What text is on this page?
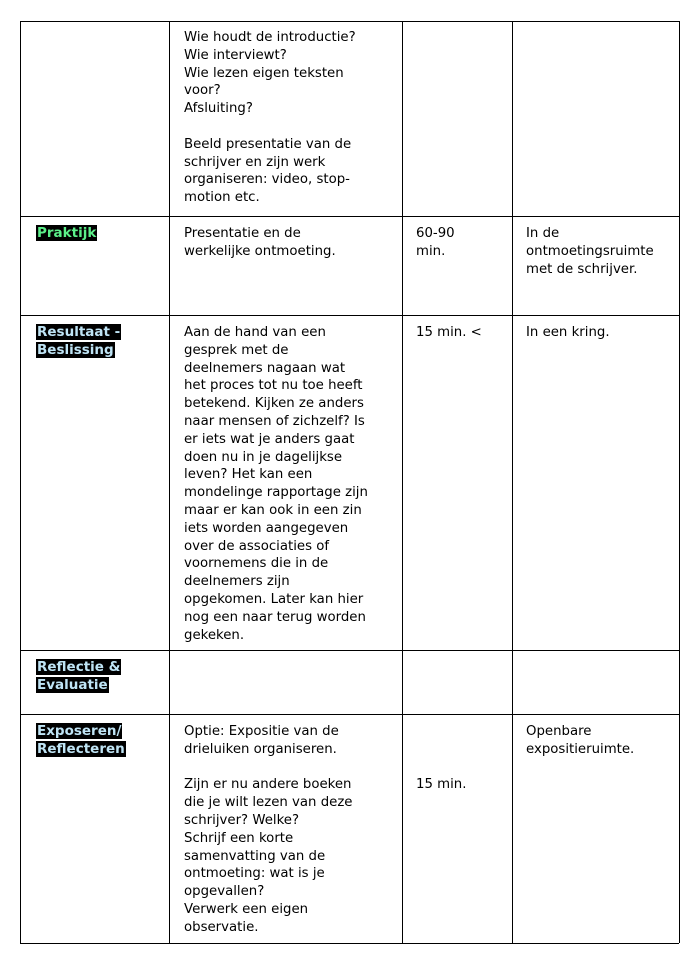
Wie houdt de introductie?
Wie interviewt?
Wie lezen eigen teksten
voor?
Afsluiting?

Beeld presentatie van de
schrijver en zijn werk
organiseren: video, stop-
motion etc.
Praktijk	Presentatie en de
werkelijke ontmoeting.
60-90
min.
In de
ontmoetingsruimte
met de schrijver.
Resultaat -
Beslissing
Aan de hand van een
gesprek met de
deelnemers nagaan wat
het proces tot nu toe heeft
betekend. Kijken ze anders
naar mensen of zichzelf? Is
er iets wat je anders gaat
doen nu in je dagelijkse
leven? Het kan een
mondelinge rapportage zijn
maar er kan ook in een zin
iets worden aangegeven
over de associaties of
voornemens die in de
deelnemers zijn
opgekomen. Later kan hier
nog een naar terug worden
gekeken.
15 min. <	In een kring.
Reflectie &
Evaluatie
Exposeren/
Reflecteren
Optie: Expositie van de
drieluiken organiseren.

Zijn er nu andere boeken
die je wilt lezen van deze
schrijver? Welke?
Schrijf een korte
samenvatting van de
ontmoeting: wat is je
opgevallen?
Verwerk een eigen
observatie.

15 min.
Openbare
expositieruimte.
